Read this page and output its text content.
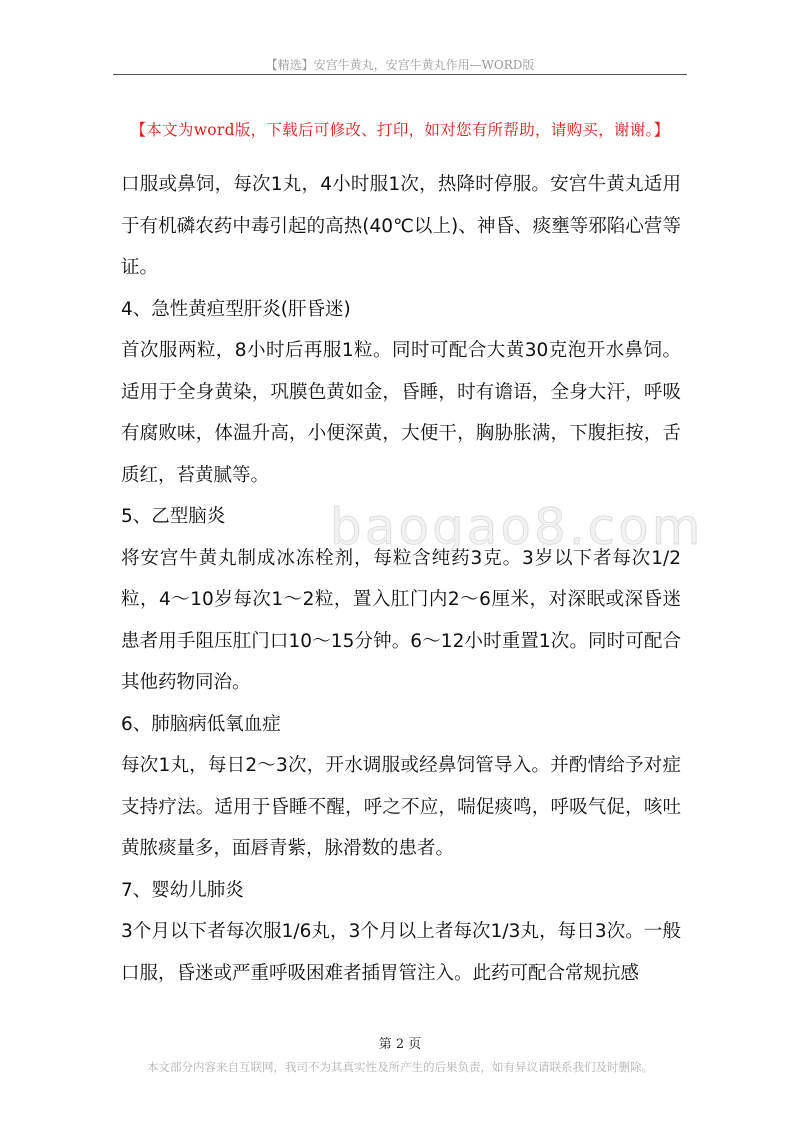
【精选】安宫牛黄丸，安宫牛黄丸作用—WORD版
【本文为word版，下载后可修改、打印，如对您有所帮助，请购买，谢谢。】
baogao8.com

口服或鼻饲，每次1丸，4小时服1次，热降时停服。安宫牛黄丸适用于有机磷农药中毒引起的高热(40℃以上)、神昏、痰壅等邪陷心营等证。

4、急性黄疸型肝炎(肝昏迷)

首次服两粒，8小时后再服1粒。同时可配合大黄30克泡开水鼻饲。适用于全身黄染，巩膜色黄如金，昏睡，时有谵语，全身大汗，呼吸有腐败味，体温升高，小便深黄，大便干，胸胁胀满，下腹拒按，舌质红，苔黄腻等。

5、乙型脑炎

将安宫牛黄丸制成冰冻栓剂，每粒含纯药3克。3岁以下者每次1/2粒，4～10岁每次1～2粒，置入肛门内2～6厘米，对深眠或深昏迷患者用手阻压肛门口10～15分钟。6～12小时重置1次。同时可配合其他药物同治。

6、肺脑病低氧血症

每次1丸，每日2～3次，开水调服或经鼻饲管导入。并酌情给予对症支持疗法。适用于昏睡不醒，呼之不应，喘促痰鸣，呼吸气促，咳吐黄脓痰量多，面唇青紫，脉滑数的患者。

7、婴幼儿肺炎

3个月以下者每次服1/6丸，3个月以上者每次1/3丸，每日3次。一般口服，昏迷或严重呼吸困难者插胃管注入。此药可配合常规抗感

第 2 页
本文部分内容来自互联网，我司不为其真实性及所产生的后果负责，如有异议请联系我们及时删除。
